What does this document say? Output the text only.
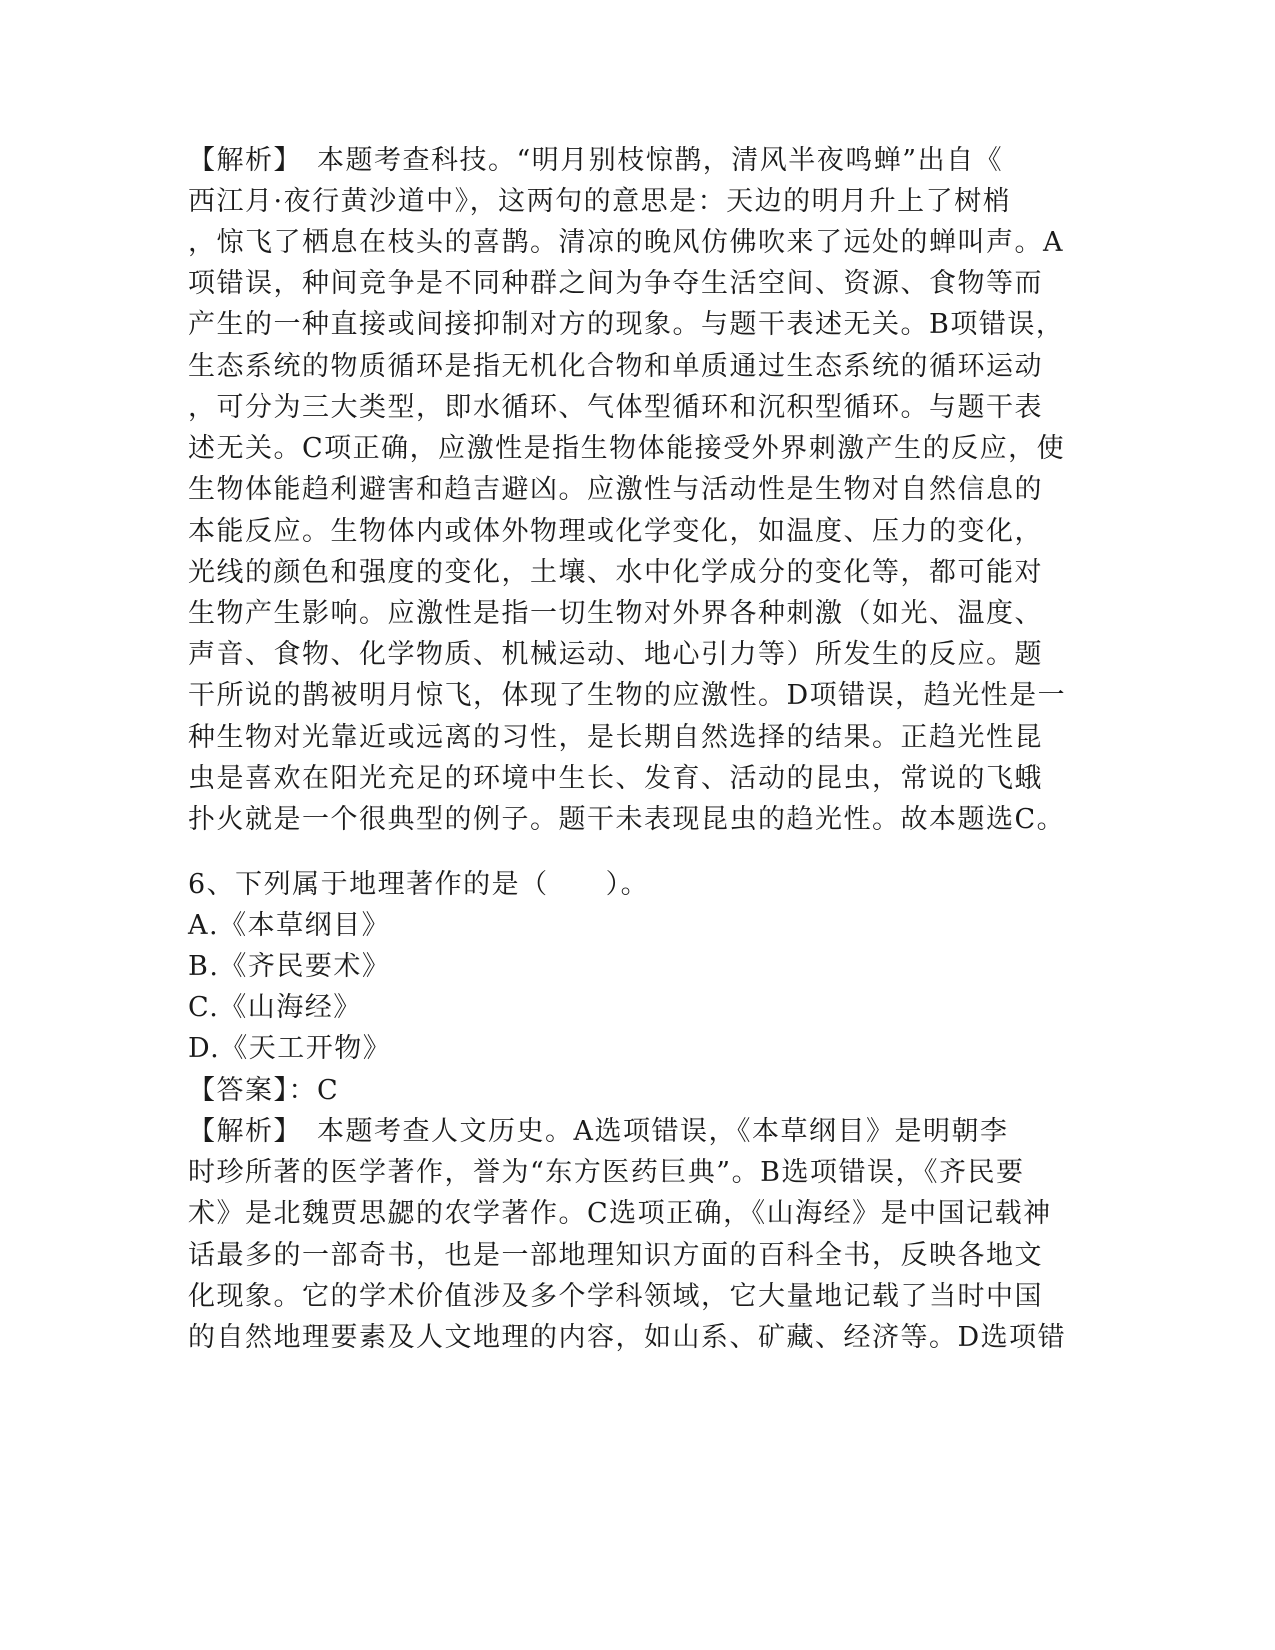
【解析】　本题考查科技。“明月别枝惊鹊，清风半夜鸣蝉”出自《
西江月·夜行黄沙道中》，这两句的意思是：天边的明月升上了树梢
，惊飞了栖息在枝头的喜鹊。清凉的晚风仿佛吹来了远处的蝉叫声。A
项错误，种间竞争是不同种群之间为争夺生活空间、资源、食物等而
产生的一种直接或间接抑制对方的现象。与题干表述无关。B项错误，
生态系统的物质循环是指无机化合物和单质通过生态系统的循环运动
，可分为三大类型，即水循环、气体型循环和沉积型循环。与题干表
述无关。C项正确，应激性是指生物体能接受外界刺激产生的反应，使
生物体能趋利避害和趋吉避凶。应激性与活动性是生物对自然信息的
本能反应。生物体内或体外物理或化学变化，如温度、压力的变化，
光线的颜色和强度的变化，土壤、水中化学成分的变化等，都可能对
生物产生影响。应激性是指一切生物对外界各种刺激（如光、温度、
声音、食物、化学物质、机械运动、地心引力等）所发生的反应。题
干所说的鹊被明月惊飞，体现了生物的应激性。D项错误，趋光性是一
种生物对光靠近或远离的习性，是长期自然选择的结果。正趋光性昆
虫是喜欢在阳光充足的环境中生长、发育、活动的昆虫，常说的飞蛾
扑火就是一个很典型的例子。题干未表现昆虫的趋光性。故本题选C。
6、下列属于地理著作的是（　　）。
A.《本草纲目》
B.《齐民要术》
C.《山海经》
D.《天工开物》
【答案】：C
【解析】　本题考查人文历史。A选项错误，《本草纲目》是明朝李
时珍所著的医学著作，誉为“东方医药巨典”。B选项错误，《齐民要
术》是北魏贾思勰的农学著作。C选项正确，《山海经》是中国记载神
话最多的一部奇书，也是一部地理知识方面的百科全书，反映各地文
化现象。它的学术价值涉及多个学科领域，它大量地记载了当时中国
的自然地理要素及人文地理的内容，如山系、矿藏、经济等。D选项错
